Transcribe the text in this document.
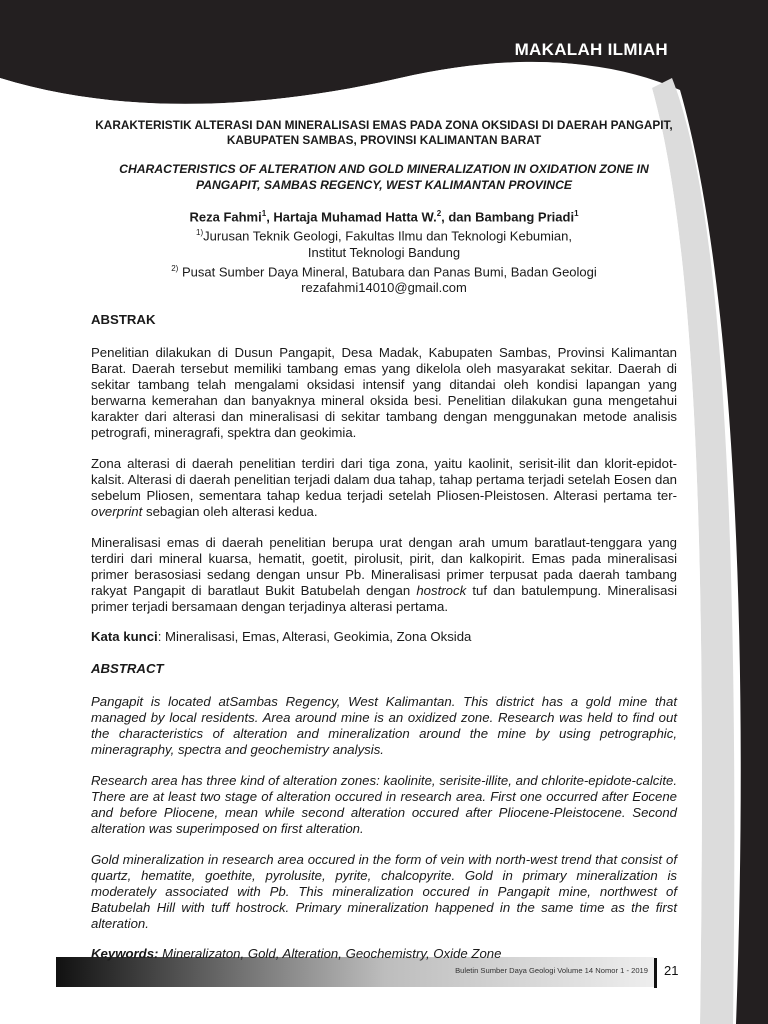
MAKALAH ILMIAH

KARAKTERISTIK ALTERASI DAN MINERALISASI EMAS PADA ZONA OKSIDASI DI DAERAH PANGAPIT, KABUPATEN SAMBAS, PROVINSI KALIMANTAN BARAT

CHARACTERISTICS OF ALTERATION AND GOLD MINERALIZATION IN OXIDATION ZONE IN PANGAPIT, SAMBAS REGENCY, WEST KALIMANTAN PROVINCE

Reza Fahmi$^1$, Hartaja Muhamad Hatta W.$^2$, dan Bambang Priadi$^1$
$^{1)}$Jurusan Teknik Geologi, Fakultas Ilmu dan Teknologi Kebumian,
Institut Teknologi Bandung
$^{2)}$ Pusat Sumber Daya Mineral, Batubara dan Panas Bumi, Badan Geologi
rezafahmi14010@gmail.com

ABSTRAK

Penelitian dilakukan di Dusun Pangapit, Desa Madak, Kabupaten Sambas, Provinsi Kalimantan Barat. Daerah tersebut memiliki tambang emas yang dikelola oleh masyarakat sekitar. Daerah di sekitar tambang telah mengalami oksidasi intensif yang ditandai oleh kondisi lapangan yang berwarna kemerahan dan banyaknya mineral oksida besi. Penelitian dilakukan guna mengetahui karakter dari alterasi dan mineralisasi di sekitar tambang dengan menggunakan metode analisis petrografi, mineragrafi, spektra dan geokimia.

Zona alterasi di daerah penelitian terdiri dari tiga zona, yaitu kaolinit, serisit-ilit dan klorit-epidot-kalsit. Alterasi di daerah penelitian terjadi dalam dua tahap, tahap pertama terjadi setelah Eosen dan sebelum Pliosen, sementara tahap kedua terjadi setelah Pliosen-Pleistosen. Alterasi pertama ter-overprint sebagian oleh alterasi kedua.

Mineralisasi emas di daerah penelitian berupa urat dengan arah umum baratlaut-tenggara yang terdiri dari mineral kuarsa, hematit, goetit, pirolusit, pirit, dan kalkopirit. Emas pada mineralisasi primer berasosiasi sedang dengan unsur Pb. Mineralisasi primer terpusat pada daerah tambang rakyat Pangapit di baratlaut Bukit Batubelah dengan hostrock tuf dan batulempung. Mineralisasi primer terjadi bersamaan dengan terjadinya alterasi pertama.

Kata kunci: Mineralisasi, Emas, Alterasi, Geokimia, Zona Oksida

ABSTRACT

Pangapit is located atSambas Regency, West Kalimantan. This district has a gold mine that managed by local residents. Area around mine is an oxidized zone. Research was held to find out the characteristics of alteration and mineralization around the mine by using petrographic, mineragraphy, spectra and geochemistry analysis.

Research area has three kind of alteration zones: kaolinite, serisite-illite, and chlorite-epidote-calcite. There are at least two stage of alteration occured in research area. First one occurred after Eocene and before Pliocene, mean while second alteration occured after Pliocene-Pleistocene. Second alteration was superimposed on first alteration.

Gold mineralization in research area occured in the form of vein with north-west trend that consist of quartz, hematite, goethite, pyrolusite, pyrite, chalcopyrite. Gold in primary mineralization is moderately associated with Pb. This mineralization occured in Pangapit mine, northwest of Batubelah Hill with tuff hostrock. Primary mineralization happened in the same time as the first alteration.

Keywords: Mineralizaton, Gold, Alteration, Geochemistry, Oxide Zone

Buletin Sumber Daya Geologi Volume 14 Nomor 1 - 2019 21
